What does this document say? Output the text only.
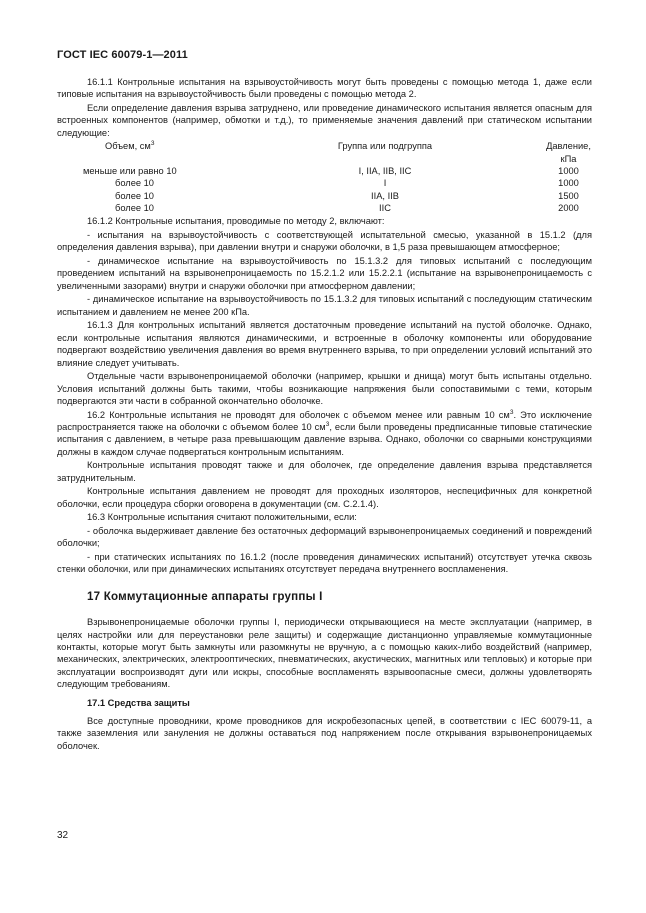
ГОСТ IEC 60079-1—2011

16.1.1 Контрольные испытания на взрывоустойчивость могут быть проведены с помощью метода 1, даже если типовые испытания на взрывоустойчивость были проведены с помощью метода 2.

Если определение давления взрыва затруднено, или проведение динамического испытания является опасным для встроенных компонентов (например, обмотки и т.д.), то применяемые значения давлений при статическом испытании следующие:

Объем, $см^3$	Группа или подгруппа	Давление, кПа
меньше или равно 10	I, IIA, IIB, IIC	1000
более 10	I	1000
более 10	IIA, IIB	1500
более 10	IIC	2000

16.1.2 Контрольные испытания, проводимые по методу 2, включают:

- испытания на взрывоустойчивость с соответствующей испытательной смесью, указанной в 15.1.2 (для определения давления взрыва), при давлении внутри и снаружи оболочки, в 1,5 раза превышающем атмосферное;

- динамическое испытание на взрывоустойчивость по 15.1.3.2 для типовых испытаний с последующим проведением испытаний на взрывонепроницаемость по 15.2.1.2 или 15.2.2.1 (испытание на взрывонепроницаемость с увеличенными зазорами) внутри и снаружи оболочки при атмосферном давлении;

- динамическое испытание на взрывоустойчивость по 15.1.3.2 для типовых испытаний с последующим статическим испытанием и давлением не менее 200 кПа.

16.1.3 Для контрольных испытаний является достаточным проведение испытаний на пустой оболочке. Однако, если контрольные испытания являются динамическими, и встроенные в оболочку компоненты или оборудование подвергают воздействию увеличения давления во время внутреннего взрыва, то при определении условий испытаний это влияние следует учитывать.

Отдельные части взрывонепроницаемой оболочки (например, крышки и днища) могут быть испытаны отдельно. Условия испытаний должны быть такими, чтобы возникающие напряжения были сопоставимыми с теми, которым подвергаются эти части в собранной окончательно оболочке.

16.2 Контрольные испытания не проводят для оболочек с объемом менее или равным 10 $см^3$. Это исключение распространяется также на оболочки с объемом более 10 $см^3$, если были проведены предписанные типовые статические испытания с давлением, в четыре раза превышающим давление взрыва. Однако, оболочки со сварными конструкциями должны в каждом случае подвергаться контрольным испытаниям.

Контрольные испытания проводят также и для оболочек, где определение давления взрыва представляется затруднительным.

Контрольные испытания давлением не проводят для проходных изоляторов, неспецифичных для конкретной оболочки, если процедура сборки оговорена в документации (см. С.2.1.4).

16.3 Контрольные испытания считают положительными, если:

- оболочка выдерживает давление без остаточных деформаций взрывонепроницаемых соединений и повреждений оболочки;

- при статических испытаниях по 16.1.2 (после проведения динамических испытаний) отсутствует утечка сквозь стенки оболочки, или при динамических испытаниях отсутствует передача внутреннего воспламенения.

17 Коммутационные аппараты группы I

Взрывонепроницаемые оболочки группы I, периодически открывающиеся на месте эксплуатации (например, в целях настройки или для переустановки реле защиты) и содержащие дистанционно управляемые коммутационные контакты, которые могут быть замкнуты или разомкнуты не вручную, а с помощью каких-либо воздействий (например, механических, электрических, электрооптических, пневматических, акустических, магнитных или тепловых) и которые при эксплуатации воспроизводят дуги или искры, способные воспламенять взрывоопасные смеси, должны удовлетворять следующим требованиям.

17.1 Средства защиты

Все доступные проводники, кроме проводников для искробезопасных цепей, в соответствии с IEC 60079-11, а также заземления или зануления не должны оставаться под напряжением после открывания взрывонепроницаемых оболочек.

32
